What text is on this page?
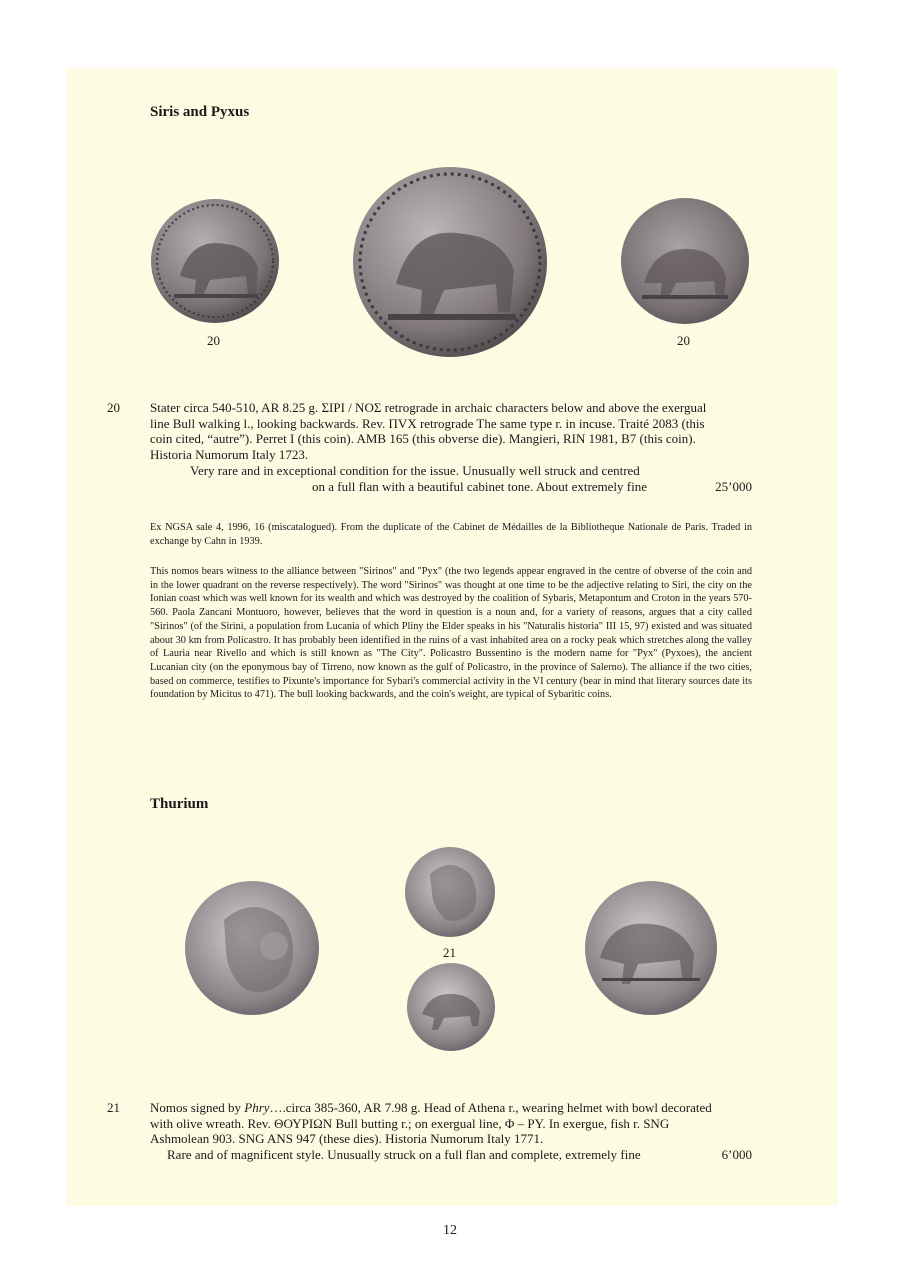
Siris and Pyxus
20	20
20 Stater circa 540-510, AR 8.25 g. ΣΙΡΙ / ΝΟΣ retrograde in archaic characters below and above the exergual

line Bull walking l., looking backwards. Rev. ΠVX retrograde The same type r. in incuse. Traité 2083 (this

coin cited, “autre”). Perret I (this coin). AMB 165 (this obverse die). Mangieri, RIN 1981, B7 (this coin).

Historia Numorum Italy 1723.

Very rare and in exceptional condition for the issue. Unusually well struck and centred
on a full flan with a beautiful cabinet tone. About extremely fine	25’000

Ex NGSA sale 4, 1996, 16 (miscatalogued). From the duplicate of the Cabinet de Médailles de la Bibliotheque Nationale de Paris. Traded in exchange by Cahn in 1939.

This nomos bears witness to the alliance between "Sirinos" and "Pyx" (the two legends appear engraved in the centre of obverse of the coin and in the lower quadrant on the reverse respectively). The word "Sirinos" was thought at one time to be the adjective relating to Siri, the city on the Ionian coast which was well known for its wealth and which was destroyed by the coalition of Sybaris, Metapontum and Croton in the years 570-560. Paola Zancani Montuoro, however, believes that the word in question is a noun and, for a variety of reasons, argues that a city called "Sirinos" (of the Sirini, a population from Lucania of which Pliny the Elder speaks in his "Naturalis historia" III 15, 97) existed and was situated about 30 km from Policastro. It has probably been identified in the ruins of a vast inhabited area on a rocky peak which stretches along the valley of Lauria near Rivello and which is still known as "The City". Policastro Bussentino is the modern name for "Pyx" (Pyxoes), the ancient Lucanian city (on the eponymous bay of Tirreno, now known as the gulf of Policastro, in the province of Salerno). The alliance if the two cities, based on commerce, testifies to Pixunte's importance for Sybari's commercial activity in the VI century (bear in mind that literary sources date its foundation by Micitus to 471). The bull looking backwards, and the coin's weight, are typical of Sybaritic coins.

Thurium
21
21 Nomos signed by Phry….circa 385-360, AR 7.98 g. Head of Athena r., wearing helmet with bowl decorated

with olive wreath. Rev. ΘΟΥΡΙΩΝ Bull butting r.; on exergual line, Φ – PY. In exergue, fish r. SNG

Ashmolean 903. SNG ANS 947 (these dies). Historia Numorum Italy 1771.

Rare and of magnificent style. Unusually struck on a full flan and complete, extremely fine	6’000
12
